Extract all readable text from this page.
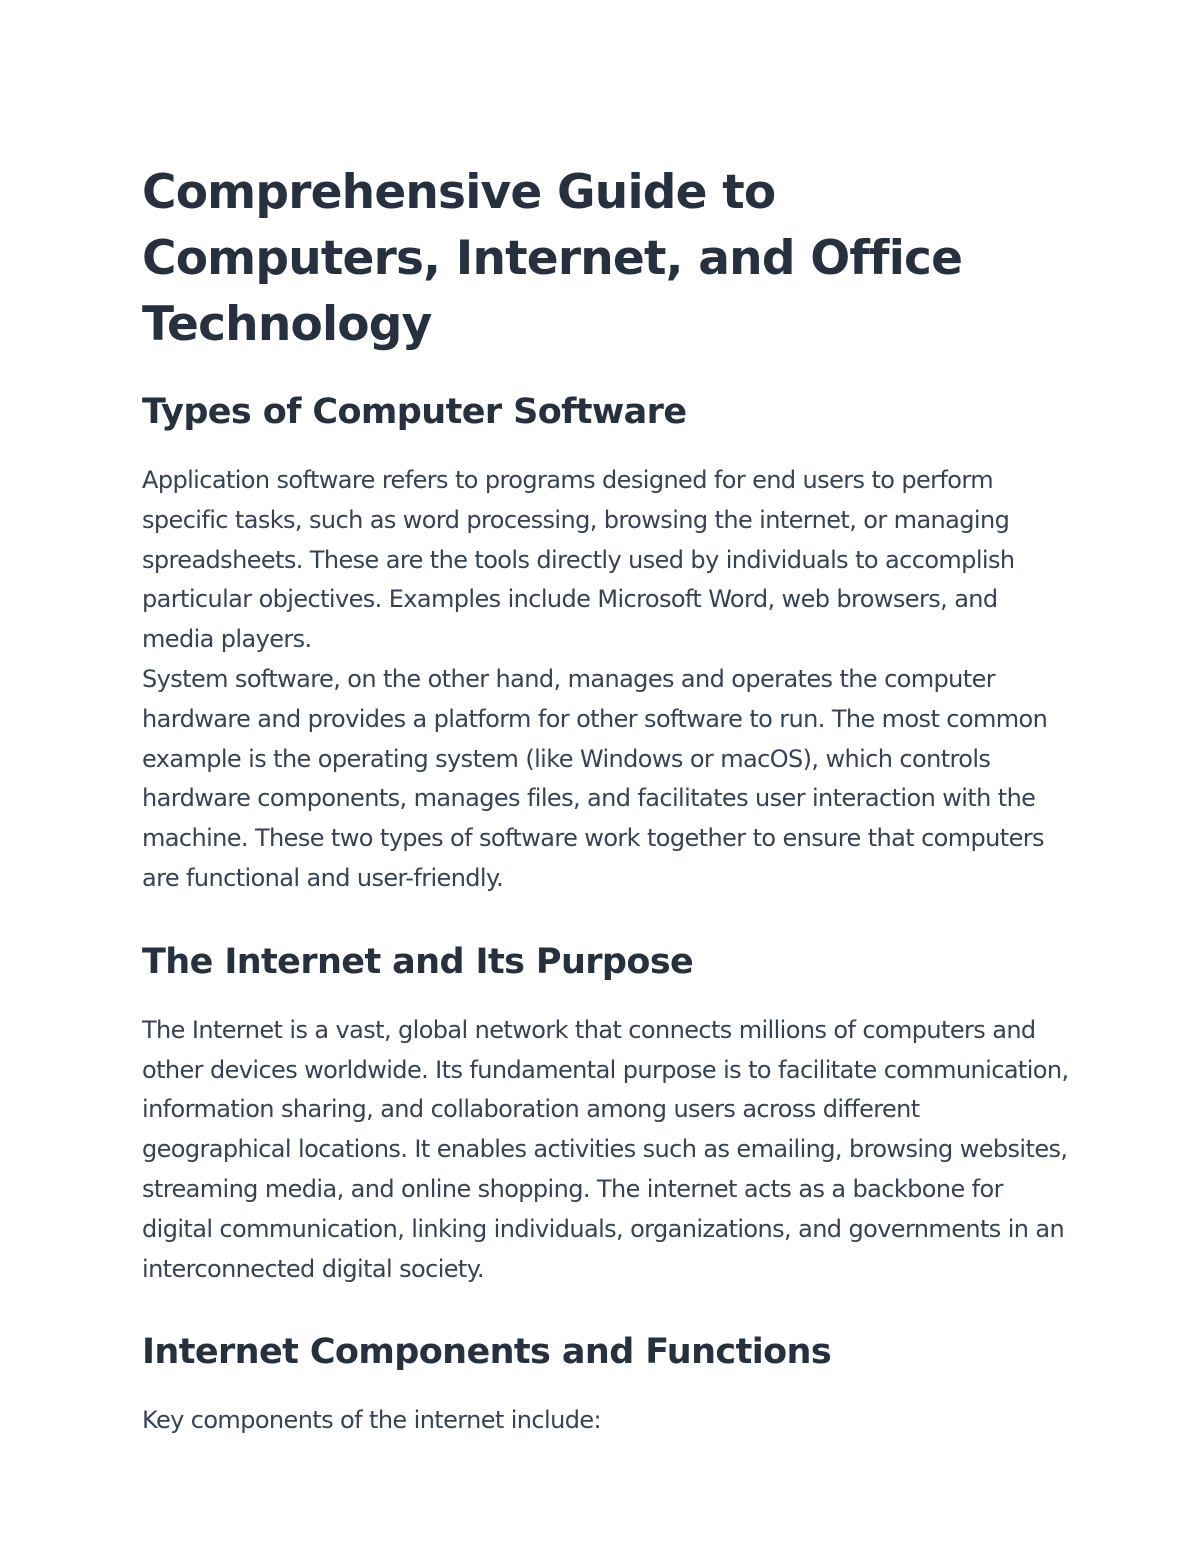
Comprehensive Guide to Computers, Internet, and Office Technology
Types of Computer Software

Application software refers to programs designed for end users to perform specific tasks, such as word processing, browsing the internet, or managing spreadsheets. These are the tools directly used by individuals to accomplish particular objectives. Examples include Microsoft Word, web browsers, and media players.

System software, on the other hand, manages and operates the computer hardware and provides a platform for other software to run. The most common example is the operating system (like Windows or macOS), which controls hardware components, manages files, and facilitates user interaction with the machine. These two types of software work together to ensure that computers are functional and user-friendly.

The Internet and Its Purpose

The Internet is a vast, global network that connects millions of computers and other devices worldwide. Its fundamental purpose is to facilitate communication, information sharing, and collaboration among users across different geographical locations. It enables activities such as emailing, browsing websites, streaming media, and online shopping. The internet acts as a backbone for digital communication, linking individuals, organizations, and governments in an interconnected digital society.

Internet Components and Functions

Key components of the internet include:
